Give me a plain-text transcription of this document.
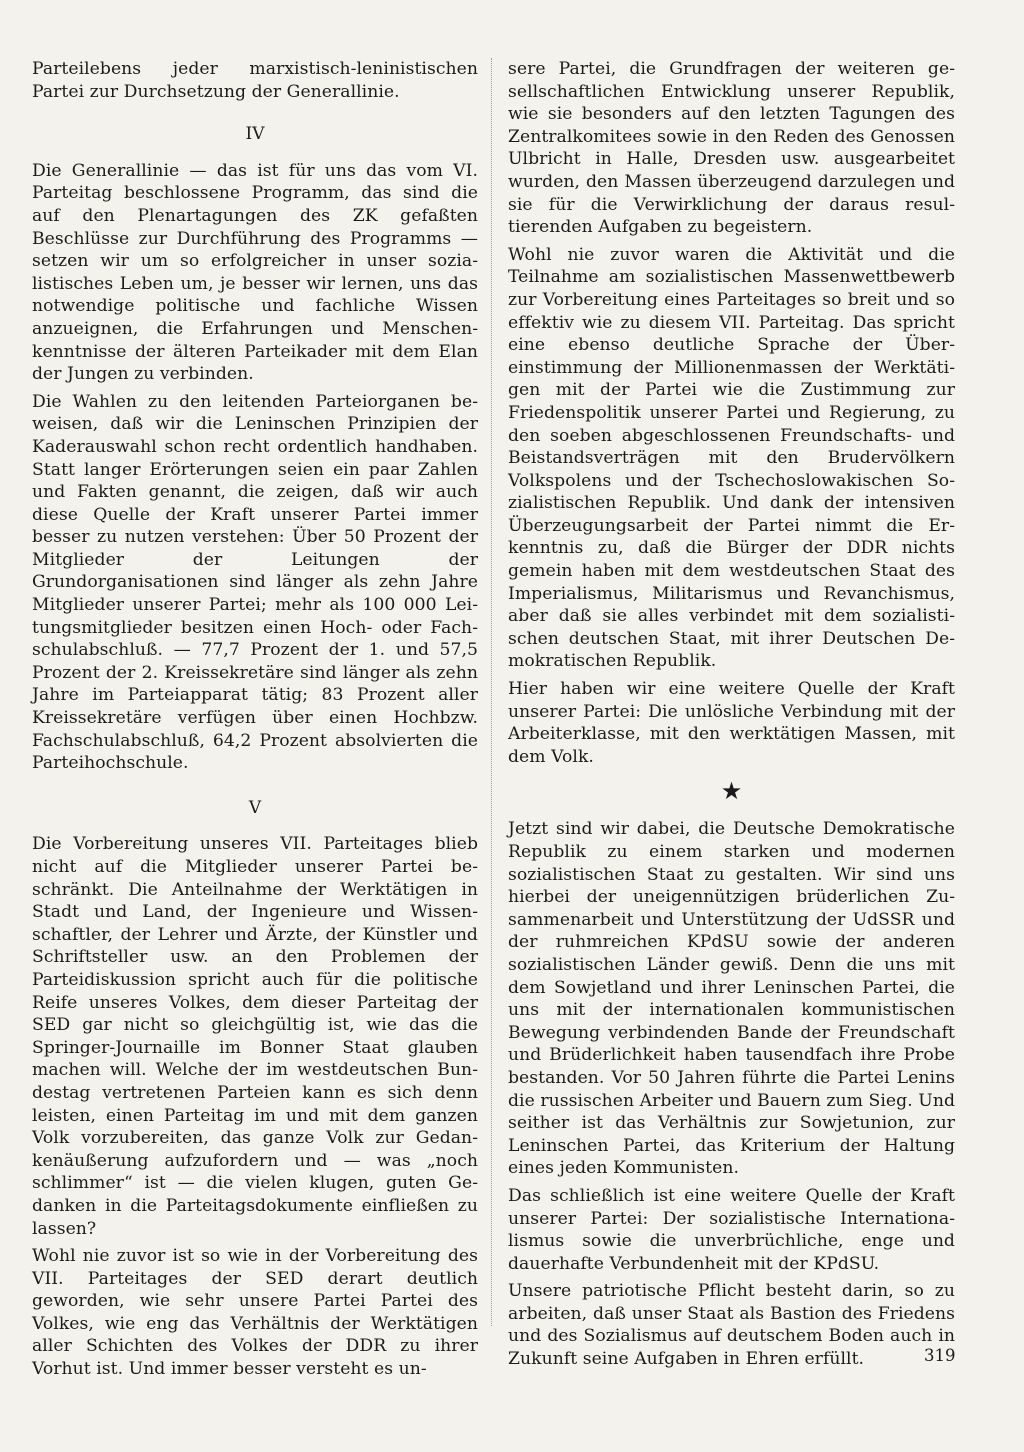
Parteilebens jeder marxistisch-leninistischen Partei zur Durchsetzung der Generallinie.

IV

Die Generallinie — das ist für uns das vom VI. Parteitag beschlossene Programm, das sind die auf den Plenartagungen des ZK gefaßten Beschlüsse zur Durchführung des Programms — setzen wir um so erfolgreicher in unser sozialistisches Leben um, je besser wir lernen, uns das notwendige politische und fachliche Wissen anzueignen, die Erfahrungen und Menschenkenntnisse der älteren Parteikader mit dem Elan der Jungen zu verbinden.

Die Wahlen zu den leitenden Parteiorganen beweisen, daß wir die Leninschen Prinzipien der Kaderauswahl schon recht ordentlich handhaben. Statt langer Erörterungen seien ein paar Zahlen und Fakten genannt, die zeigen, daß wir auch diese Quelle der Kraft unserer Partei immer besser zu nutzen verstehen: Über 50 Prozent der Mitglieder der Leitungen der Grundorganisationen sind länger als zehn Jahre Mitglieder unserer Partei; mehr als 100 000 Leitungsmitglieder besitzen einen Hoch- oder Fachschulabschluß. — 77,7 Prozent der 1. und 57,5 Prozent der 2. Kreissekretäre sind länger als zehn Jahre im Parteiapparat tätig; 83 Prozent aller Kreissekretäre verfügen über einen Hochbzw. Fachschulabschluß, 64,2 Prozent absolvierten die Parteihochschule.

V

Die Vorbereitung unseres VII. Parteitages blieb nicht auf die Mitglieder unserer Partei beschränkt. Die Anteilnahme der Werktätigen in Stadt und Land, der Ingenieure und Wissenschaftler, der Lehrer und Ärzte, der Künstler und Schriftsteller usw. an den Problemen der Parteidiskussion spricht auch für die politische Reife unseres Volkes, dem dieser Parteitag der SED gar nicht so gleichgültig ist, wie das die Springer-Journaille im Bonner Staat glauben machen will. Welche der im westdeutschen Bundestag vertretenen Parteien kann es sich denn leisten, einen Parteitag im und mit dem ganzen Volk vorzubereiten, das ganze Volk zur Gedankenäußerung aufzufordern und — was „noch schlimmer“ ist — die vielen klugen, guten Gedanken in die Parteitagsdokumente einfließen zu lassen?

Wohl nie zuvor ist so wie in der Vorbereitung des VII. Parteitages der SED derart deutlich geworden, wie sehr unsere Partei Partei des Volkes, wie eng das Verhältnis der Werktätigen aller Schichten des Volkes der DDR zu ihrer Vorhut ist. Und immer besser versteht es un-

sere Partei, die Grundfragen der weiteren gesellschaftlichen Entwicklung unserer Republik, wie sie besonders auf den letzten Tagungen des Zentralkomitees sowie in den Reden des Genossen Ulbricht in Halle, Dresden usw. ausgearbeitet wurden, den Massen überzeugend darzulegen und sie für die Verwirklichung der daraus resultierenden Aufgaben zu begeistern.

Wohl nie zuvor waren die Aktivität und die Teilnahme am sozialistischen Massenwettbewerb zur Vorbereitung eines Parteitages so breit und so effektiv wie zu diesem VII. Parteitag. Das spricht eine ebenso deutliche Sprache der Übereinstimmung der Millionenmassen der Werktätigen mit der Partei wie die Zustimmung zur Friedenspolitik unserer Partei und Regierung, zu den soeben abgeschlossenen Freundschafts- und Beistandsverträgen mit den Brudervölkern Volkspolens und der Tschechoslowakischen Sozialistischen Republik. Und dank der intensiven Überzeugungsarbeit der Partei nimmt die Erkenntnis zu, daß die Bürger der DDR nichts gemein haben mit dem westdeutschen Staat des Imperialismus, Militarismus und Revanchismus, aber daß sie alles verbindet mit dem sozialistischen deutschen Staat, mit ihrer Deutschen Demokratischen Republik.

Hier haben wir eine weitere Quelle der Kraft unserer Partei: Die unlösliche Verbindung mit der Arbeiterklasse, mit den werktätigen Massen, mit dem Volk.

★

Jetzt sind wir dabei, die Deutsche Demokratische Republik zu einem starken und modernen sozialistischen Staat zu gestalten. Wir sind uns hierbei der uneigennützigen brüderlichen Zusammenarbeit und Unterstützung der UdSSR und der ruhmreichen KPdSU sowie der anderen sozialistischen Länder gewiß. Denn die uns mit dem Sowjetland und ihrer Leninschen Partei, die uns mit der internationalen kommunistischen Bewegung verbindenden Bande der Freundschaft und Brüderlichkeit haben tausendfach ihre Probe bestanden. Vor 50 Jahren führte die Partei Lenins die russischen Arbeiter und Bauern zum Sieg. Und seither ist das Verhältnis zur Sowjetunion, zur Leninschen Partei, das Kriterium der Haltung eines jeden Kommunisten.

Das schließlich ist eine weitere Quelle der Kraft unserer Partei: Der sozialistische Internationalismus sowie die unverbrüchliche, enge und dauerhafte Verbundenheit mit der KPdSU.

Unsere patriotische Pflicht besteht darin, so zu arbeiten, daß unser Staat als Bastion des Friedens und des Sozialismus auf deutschem Boden auch in Zukunft seine Aufgaben in Ehren erfüllt.	319
